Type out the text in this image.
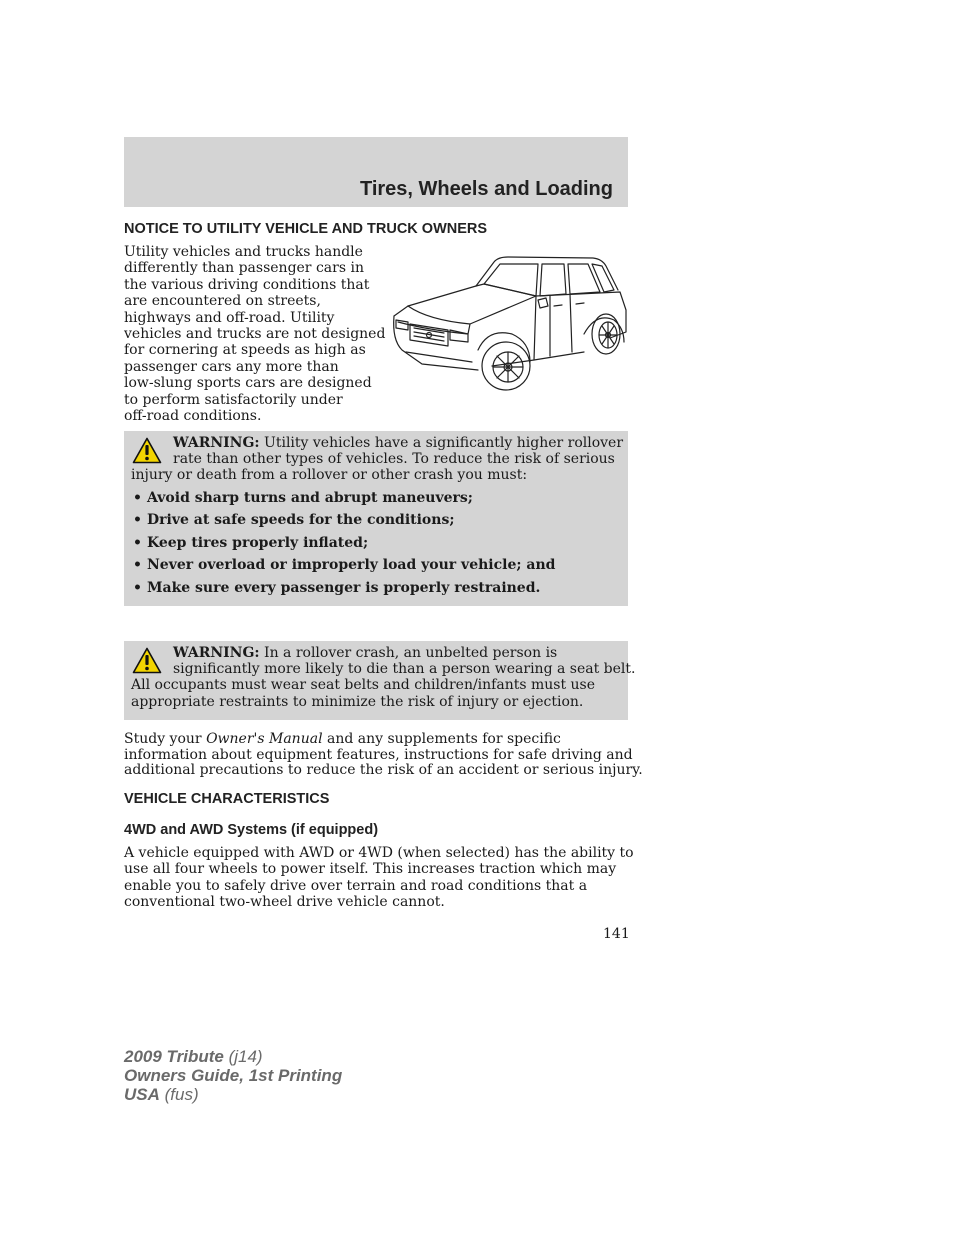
Tires, Wheels and Loading
NOTICE TO UTILITY VEHICLE AND TRUCK OWNERS
Utility vehicles and trucks handle
differently than passenger cars in
the various driving conditions that
are encountered on streets,
highways and off-road. Utility
vehicles and trucks are not designed
for cornering at speeds as high as
passenger cars any more than
low-slung sports cars are designed
to perform satisfactorily under
off-road conditions.
WARNING: Utility vehicles have a significantly higher rollover
rate than other types of vehicles. To reduce the risk of serious
injury or death from a rollover or other crash you must:
• Avoid sharp turns and abrupt maneuvers;
• Drive at safe speeds for the conditions;
• Keep tires properly inflated;
• Never overload or improperly load your vehicle; and
• Make sure every passenger is properly restrained.
WARNING: In a rollover crash, an unbelted person is
significantly more likely to die than a person wearing a seat belt.
All occupants must wear seat belts and children/infants must use
appropriate restraints to minimize the risk of injury or ejection.
Study your Owner's Manual and any supplements for specific
information about equipment features, instructions for safe driving and
additional precautions to reduce the risk of an accident or serious injury.
VEHICLE CHARACTERISTICS
4WD and AWD Systems (if equipped)
A vehicle equipped with AWD or 4WD (when selected) has the ability to
use all four wheels to power itself. This increases traction which may
enable you to safely drive over terrain and road conditions that a
conventional two-wheel drive vehicle cannot.
141
2009 Tribute (j14)
Owners Guide, 1st Printing
USA (fus)
